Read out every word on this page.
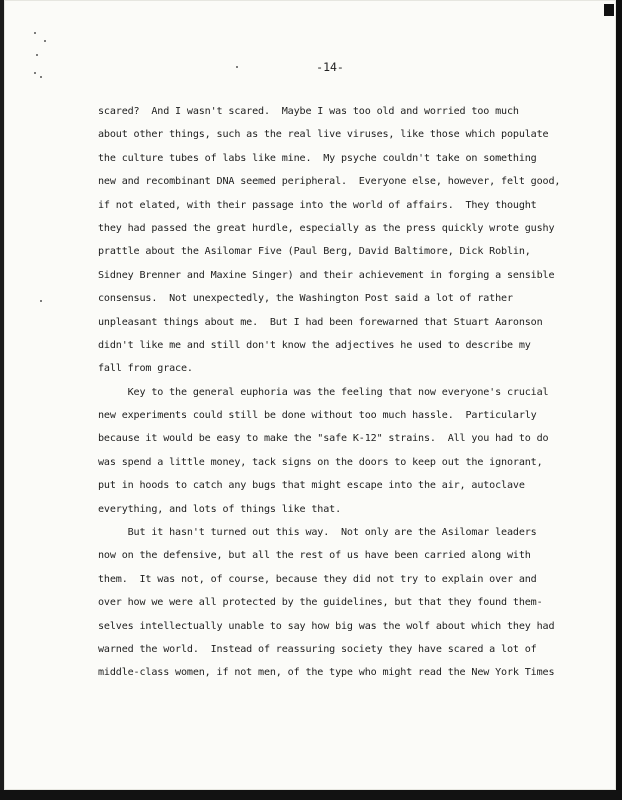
-14-
scared?  And I wasn't scared.  Maybe I was too old and worried too much
about other things, such as the real live viruses, like those which populate
the culture tubes of labs like mine.  My psyche couldn't take on something
new and recombinant DNA seemed peripheral.  Everyone else, however, felt good,
if not elated, with their passage into the world of affairs.  They thought
they had passed the great hurdle, especially as the press quickly wrote gushy
prattle about the Asilomar Five (Paul Berg, David Baltimore, Dick Roblin,
Sidney Brenner and Maxine Singer) and their achievement in forging a sensible
consensus.  Not unexpectedly, the Washington Post said a lot of rather
unpleasant things about me.  But I had been forewarned that Stuart Aaronson
didn't like me and still don't know the adjectives he used to describe my
fall from grace.
Key to the general euphoria was the feeling that now everyone's crucial
new experiments could still be done without too much hassle.  Particularly
because it would be easy to make the "safe K-12" strains.  All you had to do
was spend a little money, tack signs on the doors to keep out the ignorant,
put in hoods to catch any bugs that might escape into the air, autoclave
everything, and lots of things like that.
But it hasn't turned out this way.  Not only are the Asilomar leaders
now on the defensive, but all the rest of us have been carried along with
them.  It was not, of course, because they did not try to explain over and
over how we were all protected by the guidelines, but that they found them-
selves intellectually unable to say how big was the wolf about which they had
warned the world.  Instead of reassuring society they have scared a lot of
middle-class women, if not men, of the type who might read the New York Times
